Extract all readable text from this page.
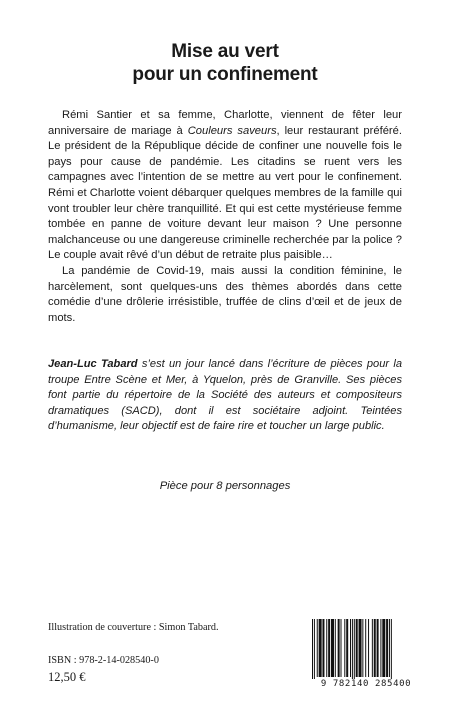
Mise au vert
pour un confinement

Rémi Santier et sa femme, Charlotte, viennent de fêter leur anniversaire de mariage à Couleurs saveurs, leur restaurant préféré. Le président de la République décide de confiner une nouvelle fois le pays pour cause de pandémie. Les citadins se ruent vers les campagnes avec l’intention de se mettre au vert pour le confinement. Rémi et Charlotte voient débarquer quelques membres de la famille qui vont troubler leur chère tranquillité. Et qui est cette mystérieuse femme tombée en panne de voiture devant leur maison ? Une personne malchanceuse ou une dangereuse criminelle recherchée par la police ? Le couple avait rêvé d’un début de retraite plus paisible…

La pandémie de Covid-19, mais aussi la condition féminine, le harcèlement, sont quelques-uns des thèmes abordés dans cette comédie d’une drôlerie irrésistible, truffée de clins d’œil et de jeux de mots.

Jean-Luc Tabard s’est un jour lancé dans l’écriture de pièces pour la troupe Entre Scène et Mer, à Yquelon, près de Granville. Ses pièces font partie du répertoire de la Société des auteurs et compositeurs dramatiques (SACD), dont il est sociétaire adjoint. Teintées d’humanisme, leur objectif est de faire rire et toucher un large public.

Pièce pour 8 personnages
Illustration de couverture : Simon Tabard.
ISBN : 978-2-14-028540-0
12,50 €	9 782140 285400
